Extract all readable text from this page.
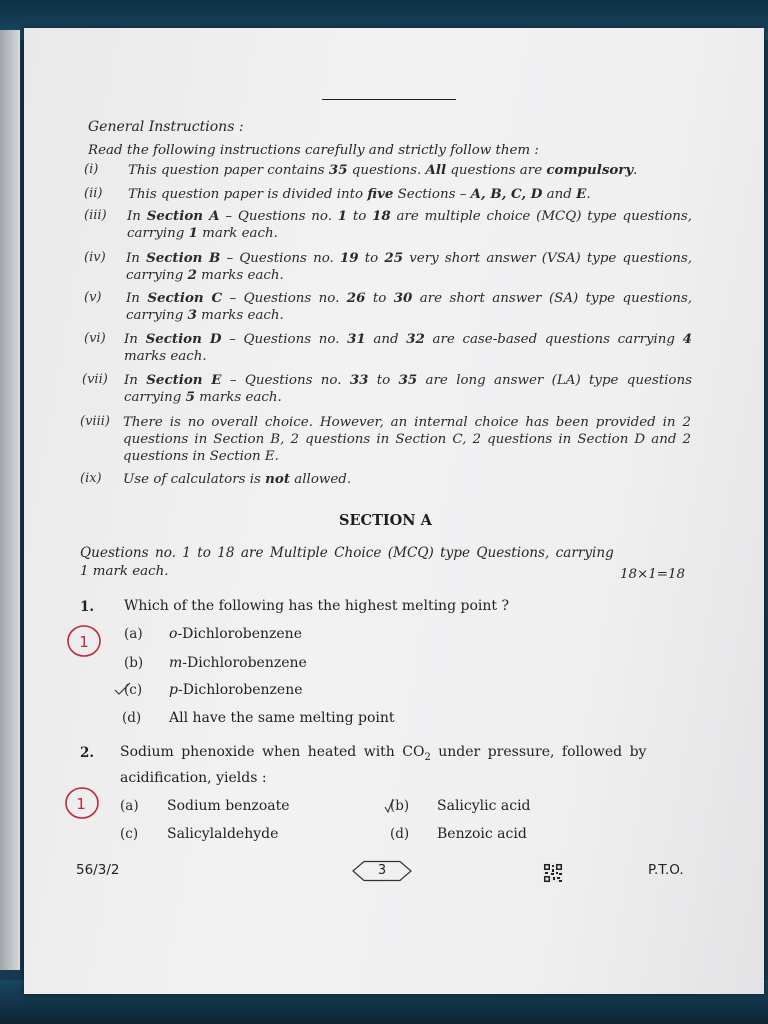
General Instructions :
Read the following instructions carefully and strictly follow them :
(i) This question paper contains 35 questions. All questions are compulsory.
(ii) This question paper is divided into five Sections – A, B, C, D and E.
(iii) In Section A – Questions no. 1 to 18 are multiple choice (MCQ) type questions, carrying 1 mark each.
(iv) In Section B – Questions no. 19 to 25 very short answer (VSA) type questions, carrying 2 marks each.
(v) In Section C – Questions no. 26 to 30 are short answer (SA) type questions, carrying 3 marks each.
(vi) In Section D – Questions no. 31 and 32 are case-based questions carrying 4 marks each.
(vii) In Section E – Questions no. 33 to 35 are long answer (LA) type questions carrying 5 marks each.
(viii) There is no overall choice. However, an internal choice has been provided in 2 questions in Section B, 2 questions in Section C, 2 questions in Section D and 2 questions in Section E.
(ix) Use of calculators is not allowed.
SECTION A
Questions no. 1 to 18 are Multiple Choice (MCQ) type Questions, carrying
1 mark each.	18×1=18
1. Which of the following has the highest melting point ?
(a) o-Dichlorobenzene
(b) m-Dichlorobenzene
(c) p-Dichlorobenzene
(d) All have the same melting point
2. Sodium phenoxide when heated with $CO_2$ under pressure, followed by
acidification, yields :
(a) Sodium benzoate	(b) Salicylic acid
(c) Salicylaldehyde	(d) Benzoic acid
56/3/2	3	P.T.O.
1
1
